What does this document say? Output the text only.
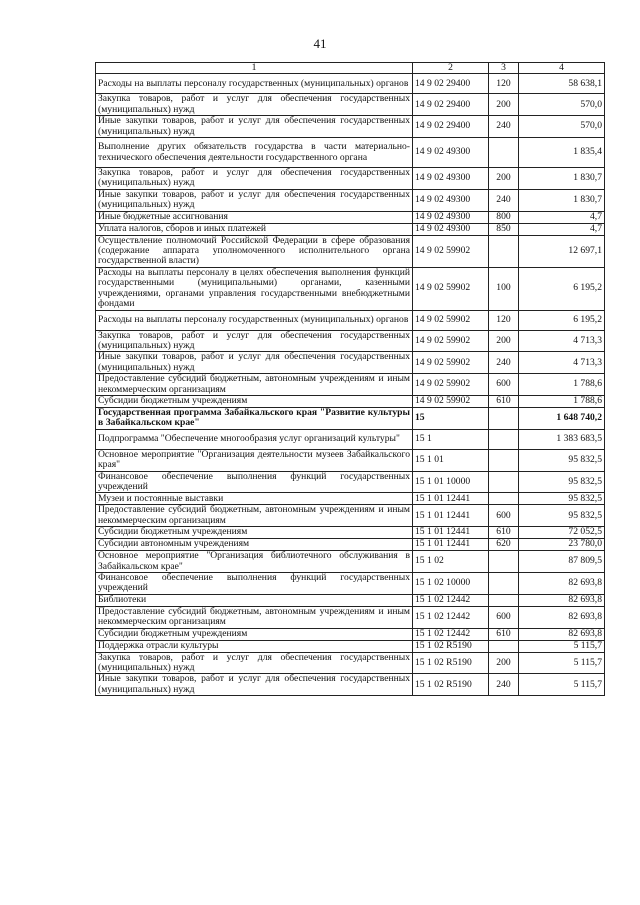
41
1	2	3	4
Расходы на выплаты персоналу государственных (муниципальных) органов	14 9 02 29400	120	58 638,1
Закупка товаров, работ и услуг для обеспечения государственных (муниципальных) нужд	14 9 02 29400	200	570,0
Иные закупки товаров, работ и услуг для обеспечения государственных (муниципальных) нужд	14 9 02 29400	240	570,0
Выполнение других обязательств государства в части материально-технического обеспечения деятельности государственного органа	14 9 02 49300		1 835,4
Закупка товаров, работ и услуг для обеспечения государственных (муниципальных) нужд	14 9 02 49300	200	1 830,7
Иные закупки товаров, работ и услуг для обеспечения государственных (муниципальных) нужд	14 9 02 49300	240	1 830,7
Иные бюджетные ассигнования	14 9 02 49300	800	4,7
Уплата налогов, сборов и иных платежей	14 9 02 49300	850	4,7
Осуществление полномочий Российской Федерации в сфере образования (содержание аппарата уполномоченного исполнительного органа государственной власти)	14 9 02 59902		12 697,1
Расходы на выплаты персоналу в целях обеспечения выполнения функций государственными (муниципальными) органами, казенными учреждениями, органами управления государственными внебюджетными фондами	14 9 02 59902	100	6 195,2
Расходы на выплаты персоналу государственных (муниципальных) органов	14 9 02 59902	120	6 195,2
Закупка товаров, работ и услуг для обеспечения государственных (муниципальных) нужд	14 9 02 59902	200	4 713,3
Иные закупки товаров, работ и услуг для обеспечения государственных (муниципальных) нужд	14 9 02 59902	240	4 713,3
Предоставление субсидий бюджетным, автономным учреждениям и иным некоммерческим организациям	14 9 02 59902	600	1 788,6
Субсидии бюджетным учреждениям	14 9 02 59902	610	1 788,6
Государственная программа Забайкальского края "Развитие культуры в Забайкальском крае"	15		1 648 740,2
Подпрограмма "Обеспечение многообразия услуг организаций культуры"	15 1		1 383 683,5
Основное мероприятие "Организация деятельности музеев Забайкальского края"	15 1 01		95 832,5
Финансовое обеспечение выполнения функций государственных учреждений	15 1 01 10000		95 832,5
Музеи и постоянные выставки	15 1 01 12441		95 832,5
Предоставление субсидий бюджетным, автономным учреждениям и иным некоммерческим организациям	15 1 01 12441	600	95 832,5
Субсидии бюджетным учреждениям	15 1 01 12441	610	72 052,5
Субсидии автономным учреждениям	15 1 01 12441	620	23 780,0
Основное мероприятие "Организация библиотечного обслуживания в Забайкальском крае"	15 1 02		87 809,5
Финансовое обеспечение выполнения функций государственных учреждений	15 1 02 10000		82 693,8
Библиотеки	15 1 02 12442		82 693,8
Предоставление субсидий бюджетным, автономным учреждениям и иным некоммерческим организациям	15 1 02 12442	600	82 693,8
Субсидии бюджетным учреждениям	15 1 02 12442	610	82 693,8
Поддержка отрасли культуры	15 1 02 R5190		5 115,7
Закупка товаров, работ и услуг для обеспечения государственных (муниципальных) нужд	15 1 02 R5190	200	5 115,7
Иные закупки товаров, работ и услуг для обеспечения государственных (муниципальных) нужд	15 1 02 R5190	240	5 115,7
